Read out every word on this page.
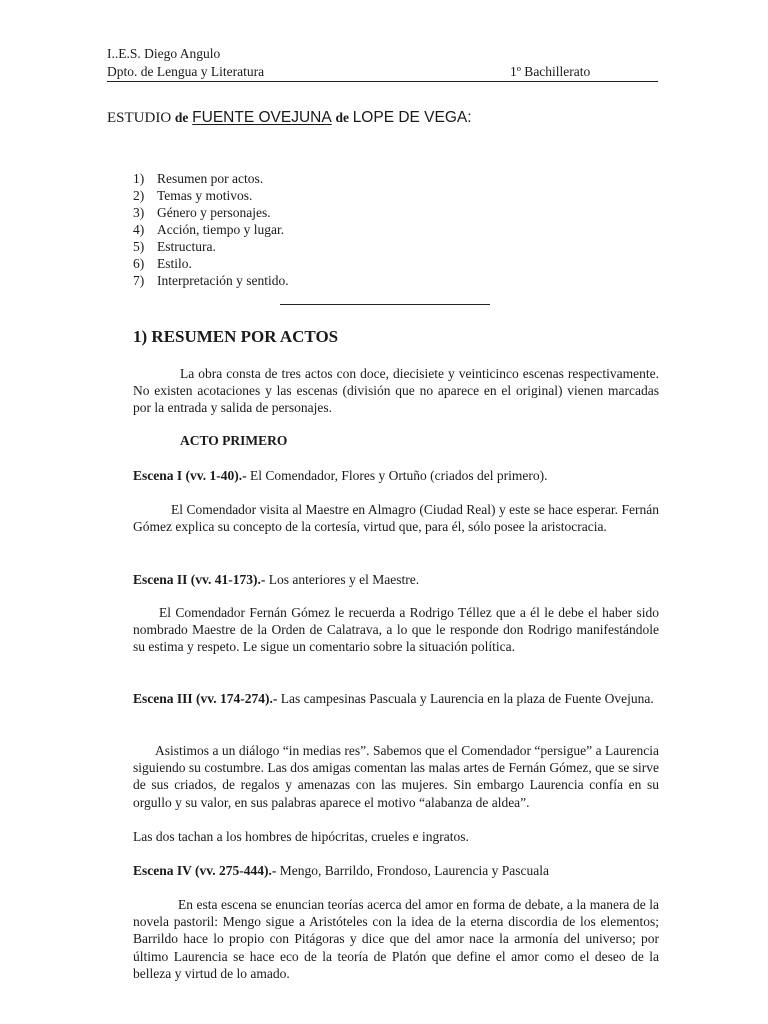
I..E.S. Diego Angulo
Dpto. de Lengua y Literatura	1º Bachillerato
ESTUDIO de FUENTE OVEJUNA de LOPE DE VEGA:
1) Resumen por actos.
2) Temas y motivos.
3) Género y personajes.
4) Acción, tiempo y lugar.
5) Estructura.
6) Estilo.
7) Interpretación y sentido.
1) RESUMEN POR ACTOS

La obra consta de tres actos con doce, diecisiete y veinticinco escenas respectivamente. No existen acotaciones y las escenas (división que no aparece en el original) vienen marcadas por la entrada y salida de personajes.

ACTO PRIMERO

Escena I (vv. 1-40).- El Comendador, Flores y Ortuño (criados del primero).

El Comendador visita al Maestre en Almagro (Ciudad Real) y este se hace esperar. Fernán Gómez explica su concepto de la cortesía, virtud que, para él, sólo posee la aristocracia.

Escena II (vv. 41-173).- Los anteriores y el Maestre.

El Comendador Fernán Gómez le recuerda a Rodrigo Téllez que a él le debe el haber sido nombrado Maestre de la Orden de Calatrava, a lo que le responde don Rodrigo manifestándole su estima y respeto. Le sigue un comentario sobre la situación política.

Escena III (vv. 174-274).- Las campesinas Pascuala y Laurencia en la plaza de Fuente Ovejuna.

Asistimos a un diálogo “in medias res”. Sabemos que el Comendador “persigue” a Laurencia siguiendo su costumbre. Las dos amigas comentan las malas artes de Fernán Gómez, que se sirve de sus criados, de regalos y amenazas con las mujeres. Sin embargo Laurencia confía en su orgullo y su valor, en sus palabras aparece el motivo “alabanza de aldea”.

Las dos tachan a los hombres de hipócritas, crueles e ingratos.

Escena IV (vv. 275-444).- Mengo, Barrildo, Frondoso, Laurencia y Pascuala

En esta escena se enuncian teorías acerca del amor en forma de debate, a la manera de la novela pastoril: Mengo sigue a Aristóteles con la idea de la eterna discordia de los elementos; Barrildo hace lo propio con Pitágoras y dice que del amor nace la armonía del universo; por último Laurencia se hace eco de la teoría de Platón que define el amor como el deseo de la belleza y virtud de lo amado.
